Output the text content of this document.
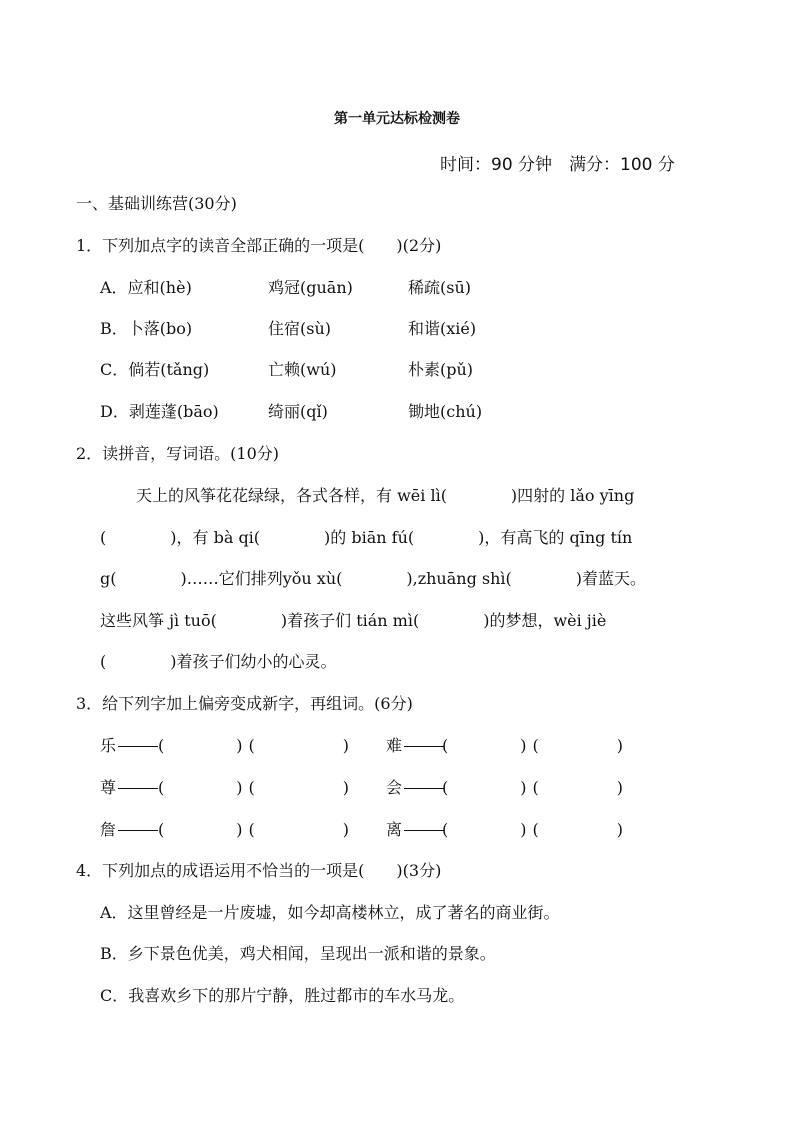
第一单元达标检测卷
时间：90 分钟　满分：100 分
一、基础训练营(30分)
1．下列加点字的读音全部正确的一项是(　　)(2分)
A．应和(hè)	鸡冠(guān)	稀疏(sū)
B．卜落(bo)	住宿(sù)	和谐(xié)
C．倘若(tǎng)	亡赖(wú)	朴素(pǔ)
D．剥莲蓬(bāo)	绮丽(qǐ)	锄地(chú)
2．读拼音，写词语。(10分)
天上的风筝花花绿绿，各式各样，有 wēi lì(　　　　)四射的 lǎo yīng
(　　　　)，有 bà qi(　　　　)的 biān fú(　　　　)，有高飞的 qīng tín
g(　　　　)……它们排列yǒu xù(　　　　),zhuāng shì(　　　　)着蓝天。
这些风筝 jì tuō(　　　　)着孩子们 tián mì(　　　　)的梦想，wèi jiè
(　　　　)着孩子们幼小的心灵。
3．给下列字加上偏旁变成新字，再组词。(6分)
乐	(　　　)(	) 难	(　　　)(	)
尊	(　　　)(	) 会	(　　　)(	)
詹	(　　　)(	) 离	(　　　)(	)
4．下列加点的成语运用不恰当的一项是(　　)(3分)
A．这里曾经是一片废墟，如今却高楼林立，成了著名的商业街。
B．乡下景色优美，鸡犬相闻，呈现出一派和谐的景象。
C．我喜欢乡下的那片宁静，胜过都市的车水马龙。
